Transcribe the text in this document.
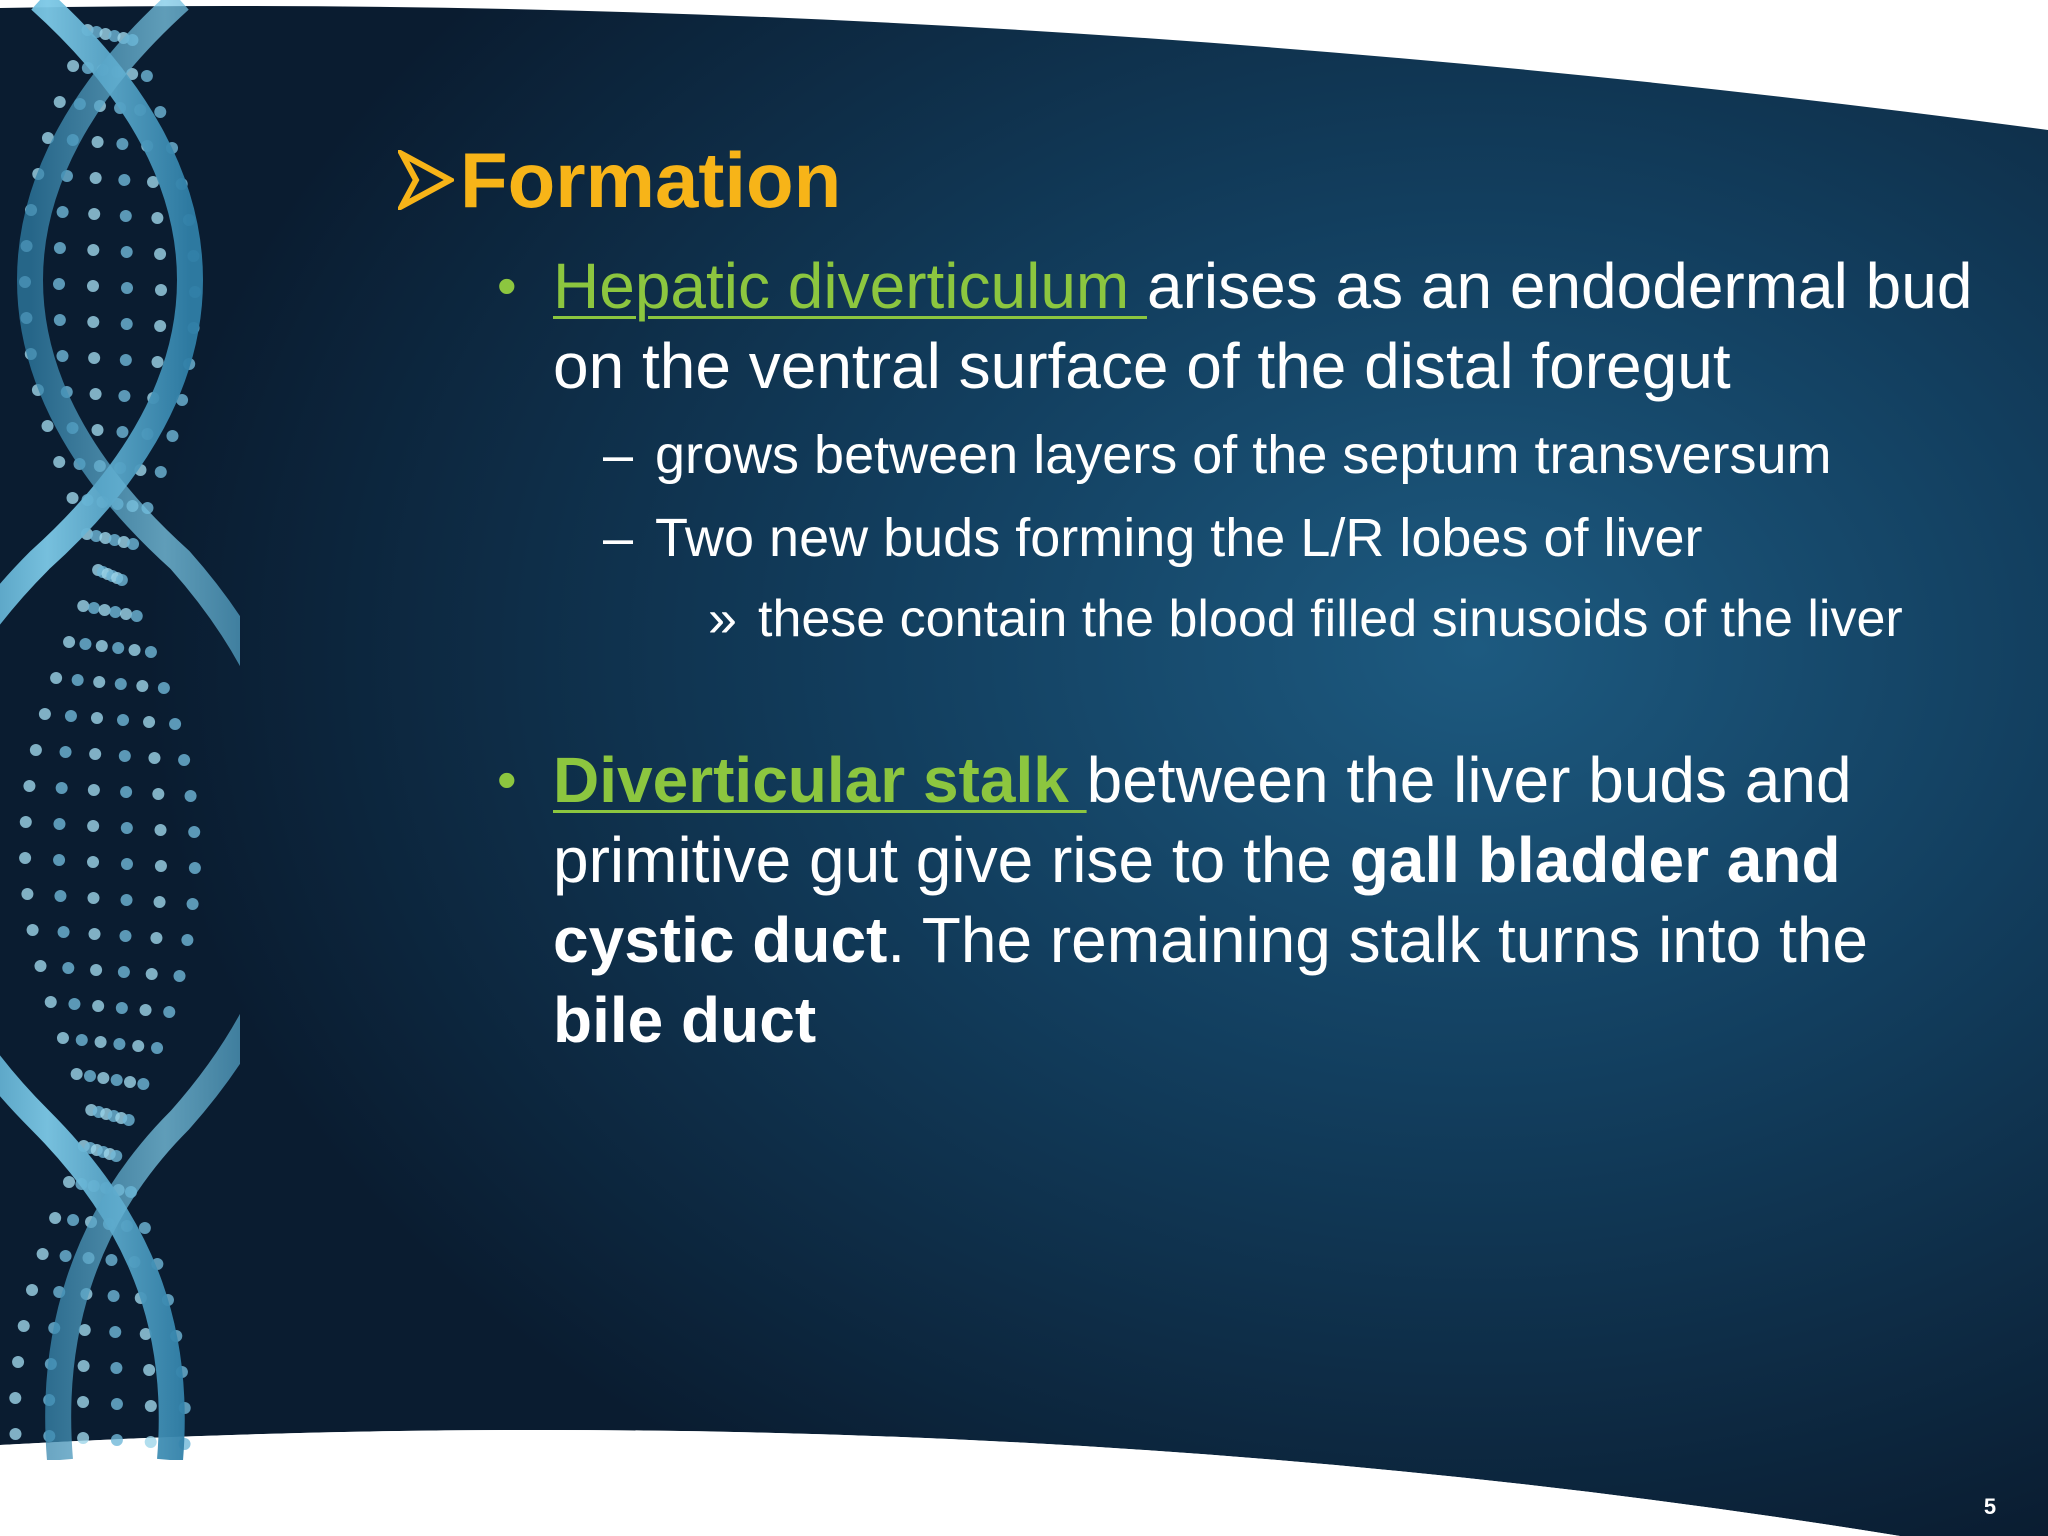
Formation
• Hepatic diverticulum arises as an endodermal bud on the ventral surface of the distal foregut
– grows between layers of the septum transversum
– Two new buds forming the L/R lobes of liver
» these contain the blood filled sinusoids of the liver
• Diverticular stalk between the liver buds and primitive gut give rise to the gall bladder and cystic duct. The remaining stalk turns into the bile duct
5
